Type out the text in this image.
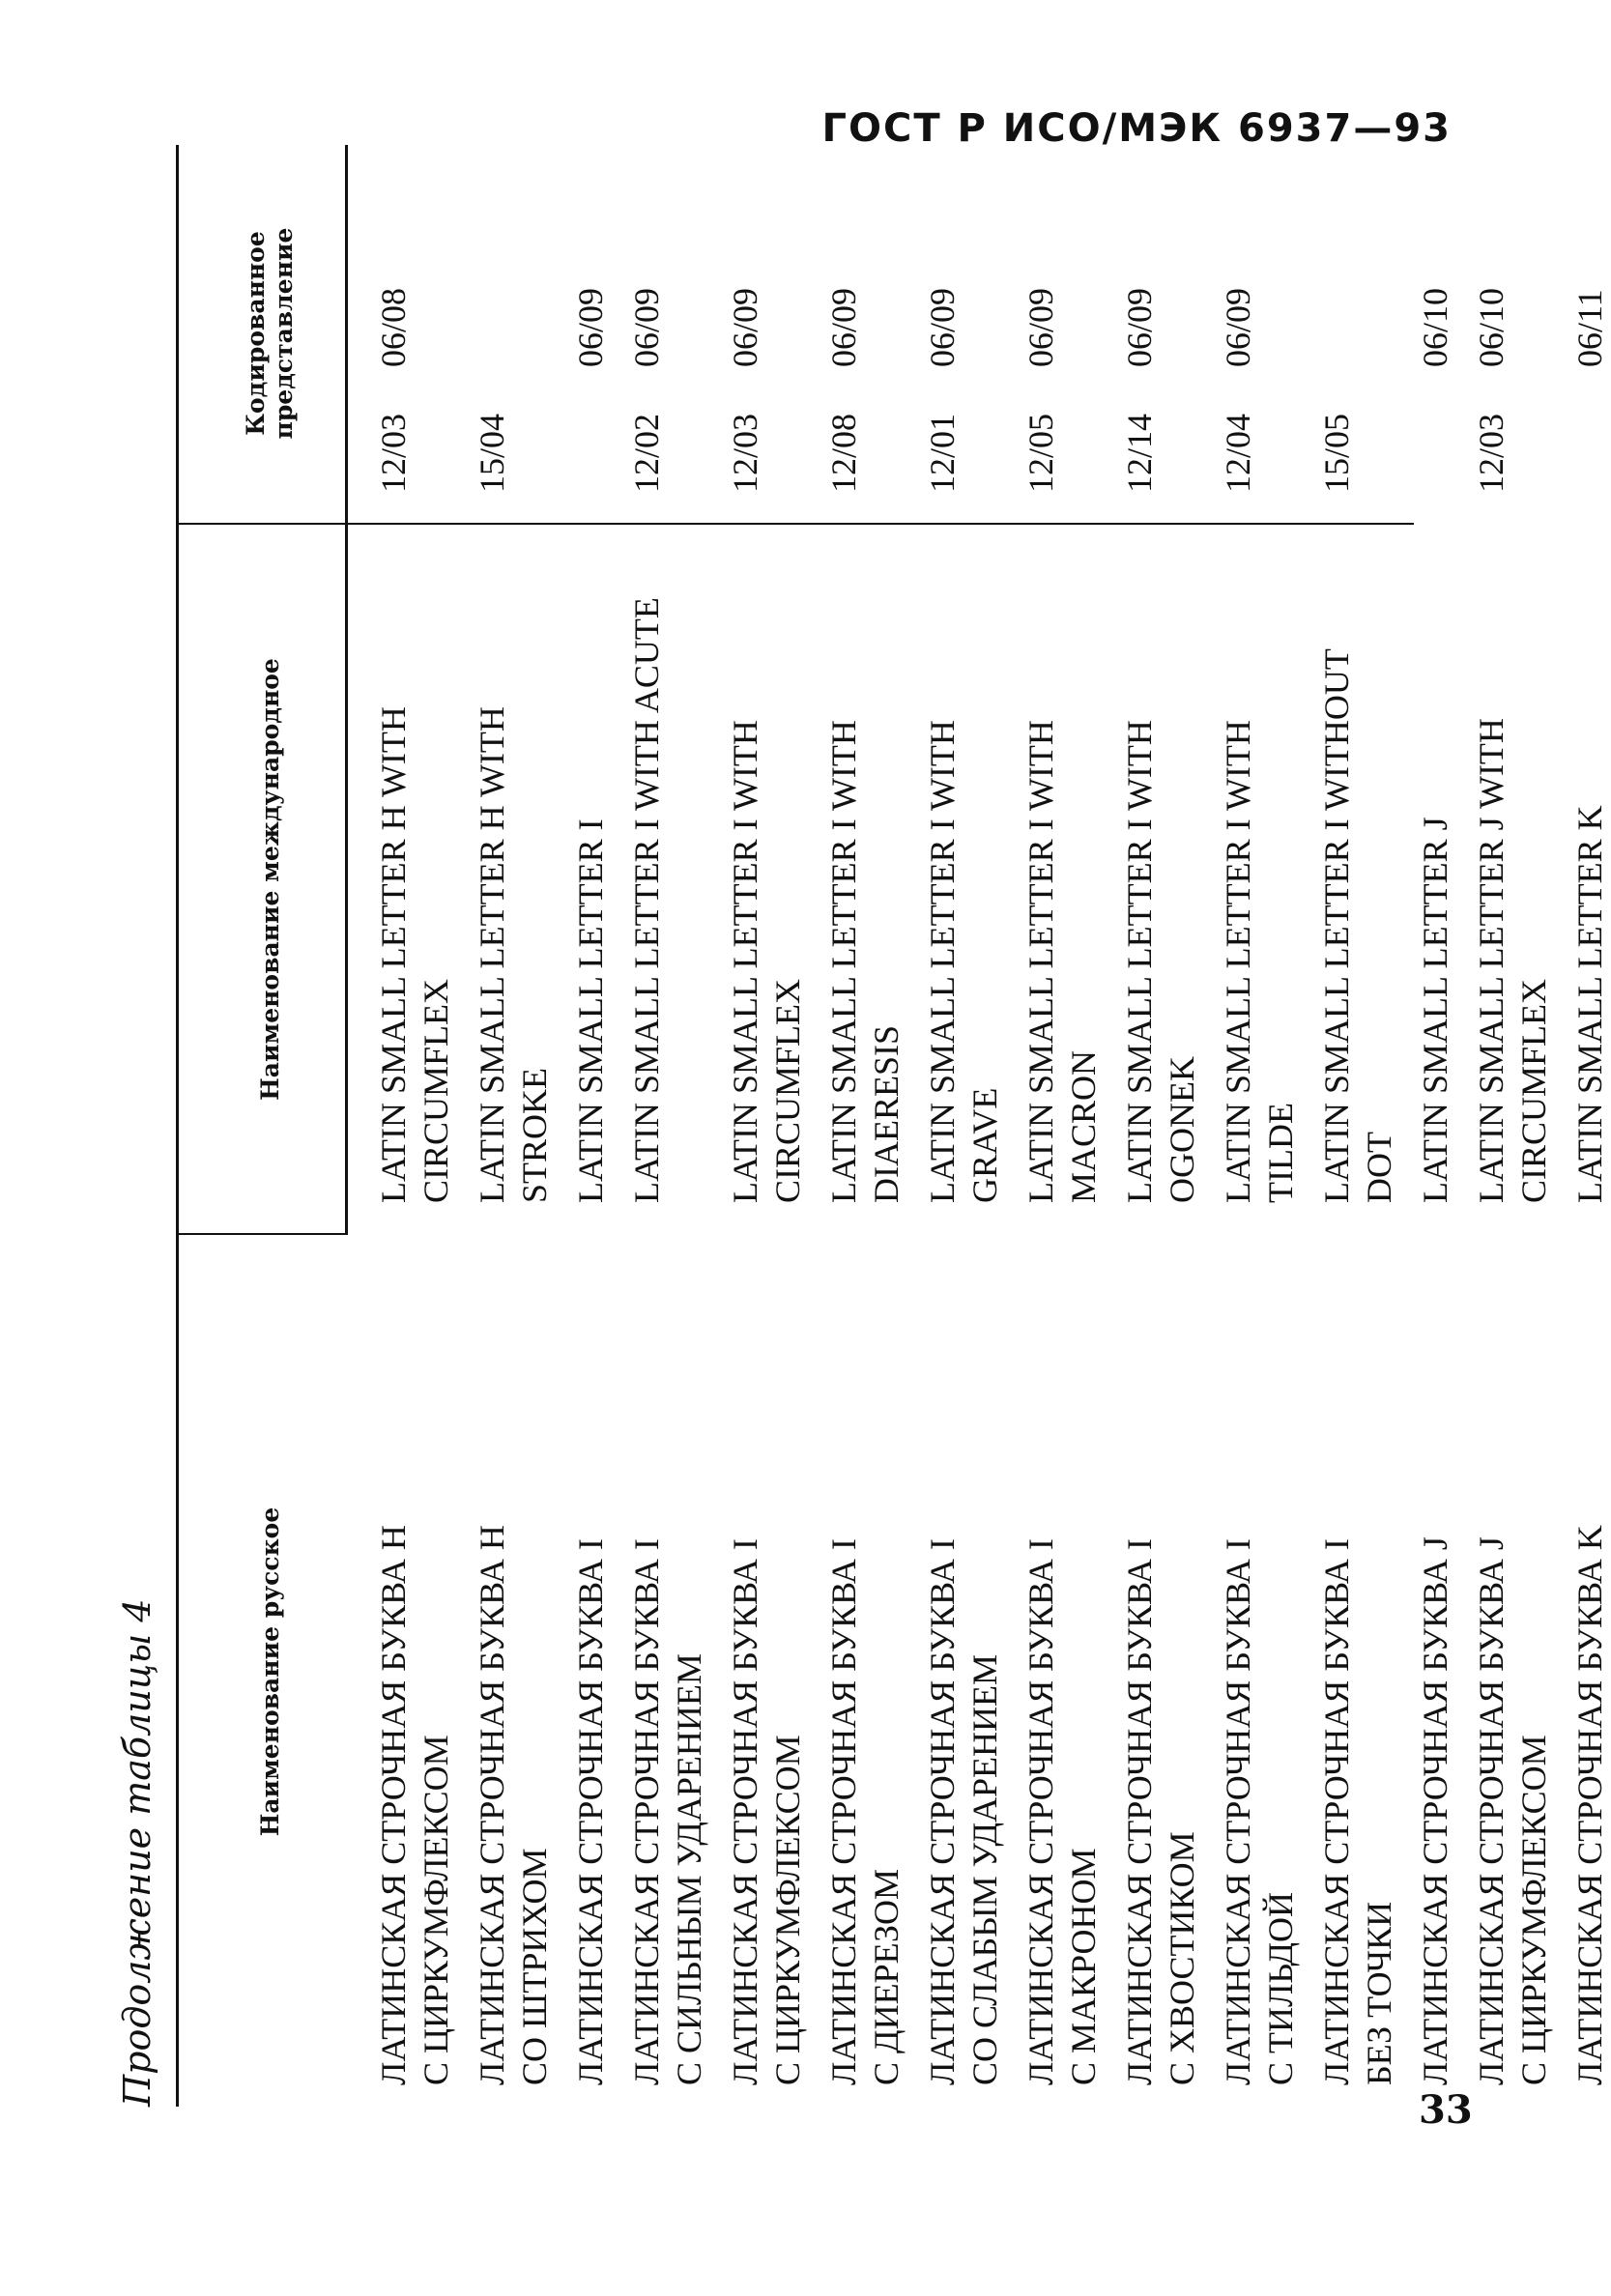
ГОСТ Р ИСО/МЭК 6937—93
Продолжение таблицы 4	Наименование русское
Наименование международное
Кодированное представление
ЛАТИНСКАЯ СТРОЧНАЯ БУКВА H
С ЦИРКУМФЛЕКСОМ
LATIN SMALL LETTER H WITH
CIRCUMFLEX
12/03
06/08
ЛАТИНСКАЯ СТРОЧНАЯ БУКВА H
СО ШТРИХОМ
LATIN SMALL LETTER H WITH
STROKE
15/04
ЛАТИНСКАЯ СТРОЧНАЯ БУКВА I
LATIN SMALL LETTER I
06/09
ЛАТИНСКАЯ СТРОЧНАЯ БУКВА I
С СИЛЬНЫМ УДАРЕНИЕМ
LATIN SMALL LETTER I WITH ACUTE
12/02
06/09
ЛАТИНСКАЯ СТРОЧНАЯ БУКВА I
С ЦИРКУМФЛЕКСОМ
LATIN SMALL LETTER I WITH
CIRCUMFLEX
12/03
06/09
ЛАТИНСКАЯ СТРОЧНАЯ БУКВА I
С ДИЕРЕЗОМ
LATIN SMALL LETTER I WITH
DIAERESIS
12/08
06/09
ЛАТИНСКАЯ СТРОЧНАЯ БУКВА I
СО СЛАБЫМ УДАРЕНИЕМ
LATIN SMALL LETTER I WITH
GRAVE
12/01
06/09
ЛАТИНСКАЯ СТРОЧНАЯ БУКВА I
С МАКРОНОМ
LATIN SMALL LETTER I WITH
MACRON
12/05
06/09
ЛАТИНСКАЯ СТРОЧНАЯ БУКВА I
С ХВОСТИКОМ
LATIN SMALL LETTER I WITH
OGONEK
12/14
06/09
ЛАТИНСКАЯ СТРОЧНАЯ БУКВА I
С ТИЛЬДОЙ
LATIN SMALL LETTER I WITH
TILDE
12/04
06/09
ЛАТИНСКАЯ СТРОЧНАЯ БУКВА I
БЕЗ ТОЧКИ
LATIN SMALL LETTER I WITHOUT
DOT
15/05
ЛАТИНСКАЯ СТРОЧНАЯ БУКВА J
LATIN SMALL LETTER J
06/10
ЛАТИНСКАЯ СТРОЧНАЯ БУКВА J
С ЦИРКУМФЛЕКСОМ
LATIN SMALL LETTER J WITH
CIRCUMFLEX
12/03
06/10
ЛАТИНСКАЯ СТРОЧНАЯ БУКВА K
LATIN SMALL LETTER K
06/11
33
